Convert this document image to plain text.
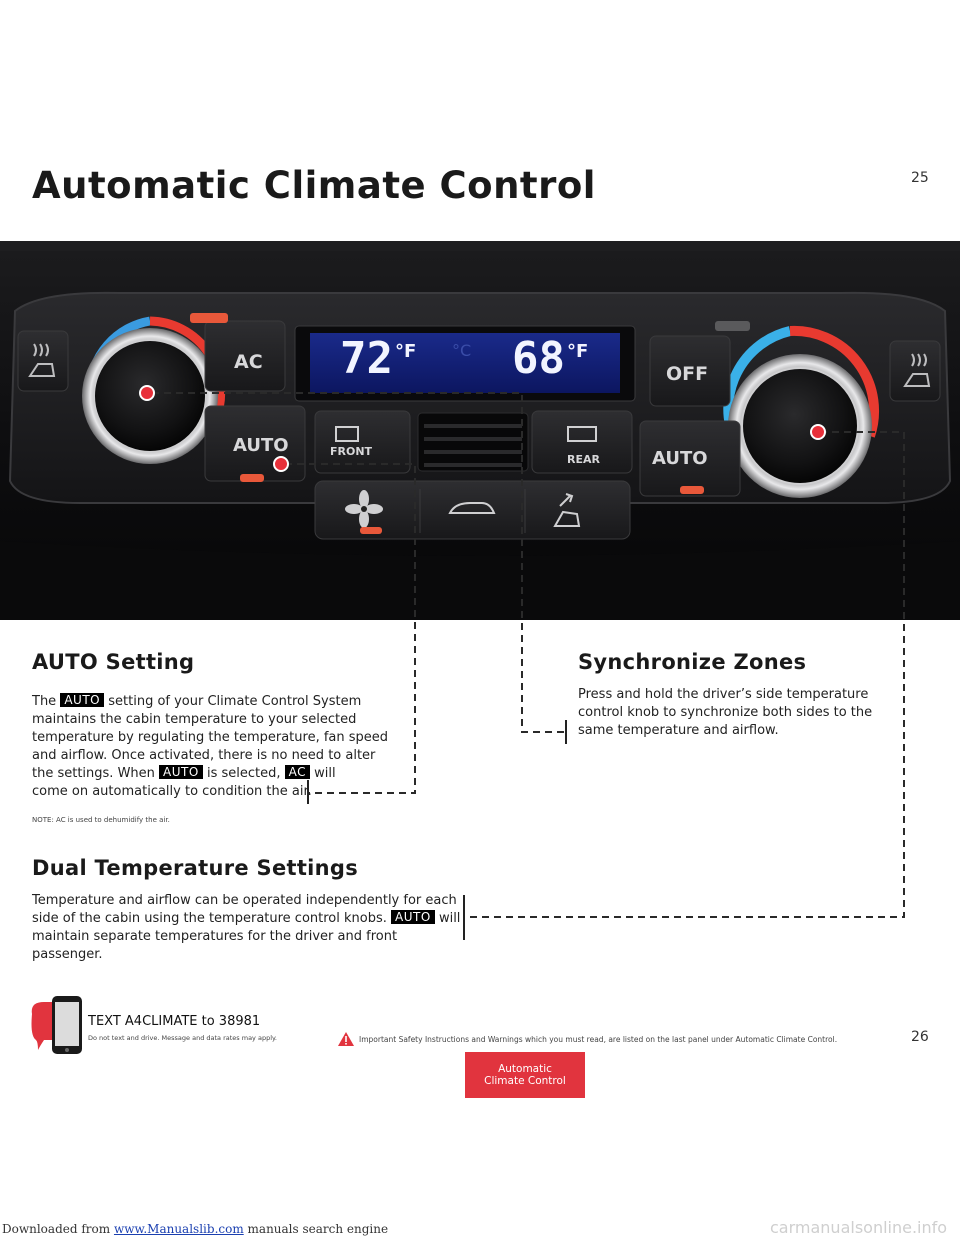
Automatic Climate Control	25
AC
AUTO	FRONT
REAR
OFF
AUTO
72 °F °C 68 °F
AUTO Setting
The AUTO setting of your Climate Control System
maintains the cabin temperature to your selected
temperature by regulating the temperature, fan speed
and airflow. Once activated, there is no need to alter
the settings. When AUTO is selected, AC will
come on automatically to condition the air.
NOTE: AC is used to dehumidify the air.
Synchronize Zones
Press and hold the driver’s side temperature
control knob to synchronize both sides to the
same temperature and airflow.
Dual Temperature Settings
Temperature and airflow can be operated independently for each
side of the cabin using the temperature control knobs. AUTO will
maintain separate temperatures for the driver and front passenger.
TEXT A4CLIMATE to 38981
Do not text and drive. Message and data rates may apply.	Important Safety Instructions and Warnings which you must read, are listed on the last panel under Automatic Climate Control.	26
Automatic
Climate Control
Downloaded from www.Manualslib.com manuals search engine	carmanualsonline.info
